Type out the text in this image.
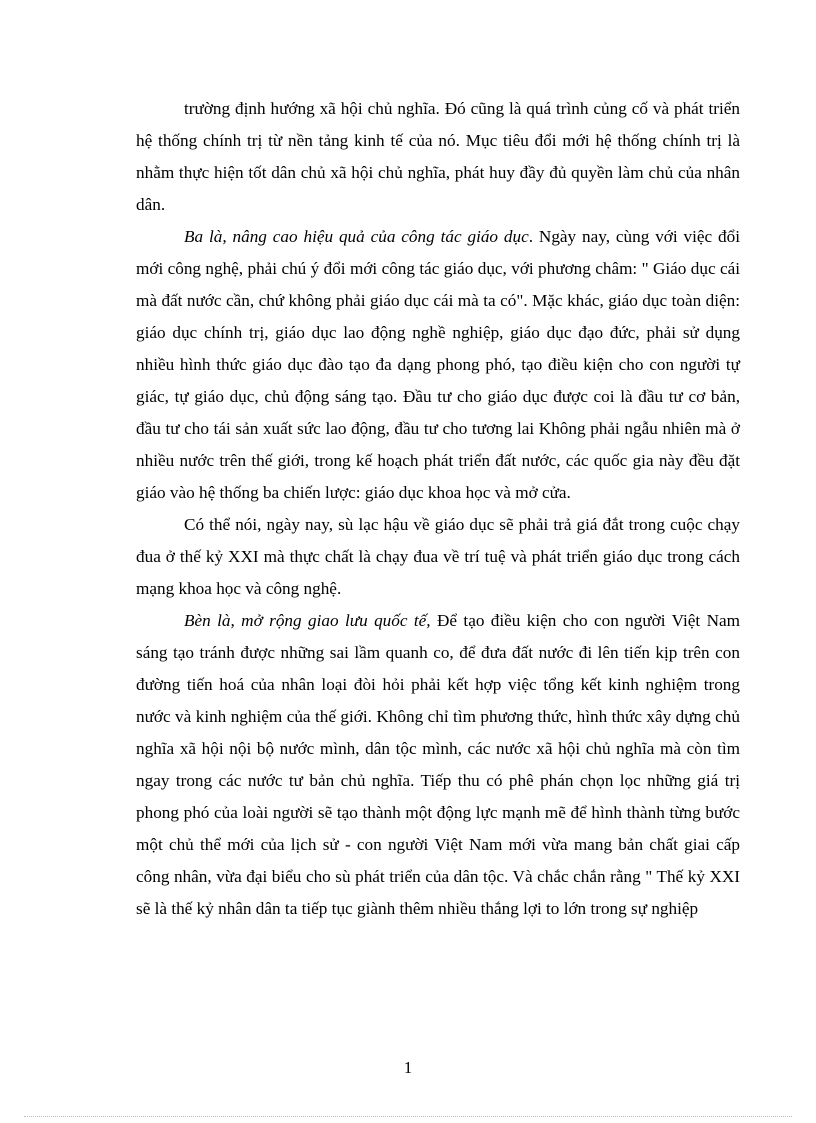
trường định hướng xã hội chủ nghĩa. Đó cũng là quá trình củng cố và phát triển hệ thống chính trị từ nền tảng kinh tế của nó. Mục tiêu đổi mới hệ thống chính trị là nhằm thực hiện tốt dân chủ xã hội chủ nghĩa, phát huy đầy đủ quyền làm chủ của nhân dân.

Ba là, nâng cao hiệu quả của công tác giáo dục. Ngày nay, cùng với việc đổi mới công nghệ, phải chú ý đổi mới công tác giáo dục, với phương châm: " Giáo dục cái mà đất nước cần, chứ không phải giáo dục cái mà ta có". Mặc khác, giáo dục toàn diện: giáo dục chính trị, giáo dục lao động nghề nghiệp, giáo dục đạo đức, phải sử dụng nhiều hình thức giáo dục đào tạo đa dạng phong phó, tạo điều kiện cho con người tự giác, tự giáo dục, chủ động sáng tạo. Đầu tư cho giáo dục được coi là đầu tư cơ bản, đầu tư cho tái sản xuất sức lao động, đầu tư cho tương lai Không phải ngẫu nhiên mà ở nhiều nước trên thế giới, trong kế hoạch phát triển đất nước, các quốc gia này đều đặt giáo vào hệ thống ba chiến lược: giáo dục khoa học và mở cửa.

Có thể nói, ngày nay, sù lạc hậu về giáo dục sẽ phải trả giá đắt trong cuộc chạy đua ở thế kỷ XXI mà thực chất là chạy đua về trí tuệ và phát triển giáo dục trong cách mạng khoa học và công nghệ.

Bèn là, mở rộng giao lưu quốc tế, Để tạo điều kiện cho con người Việt Nam sáng tạo tránh được những sai lầm quanh co, để đưa đất nước đi lên tiến kịp trên con đường tiến hoá của nhân loại đòi hỏi phải kết hợp việc tổng kết kinh nghiệm trong nước và kinh nghiệm của thế giới. Không chỉ tìm phương thức, hình thức xây dựng chủ nghĩa xã hội nội bộ nước mình, dân tộc mình, các nước xã hội chủ nghĩa mà còn tìm ngay trong các nước tư bản chủ nghĩa. Tiếp thu có phê phán chọn lọc những giá trị phong phó của loài người sẽ tạo thành một động lực mạnh mẽ để hình thành từng bước một chủ thể mới của lịch sử - con người Việt Nam mới vừa mang bản chất giai cấp công nhân, vừa đại biểu cho sù phát triển của dân tộc. Và chắc chắn rằng " Thế kỷ XXI sẽ là thế kỷ nhân dân ta tiếp tục giành thêm nhiều thắng lợi to lớn trong sự nghiệp

1
